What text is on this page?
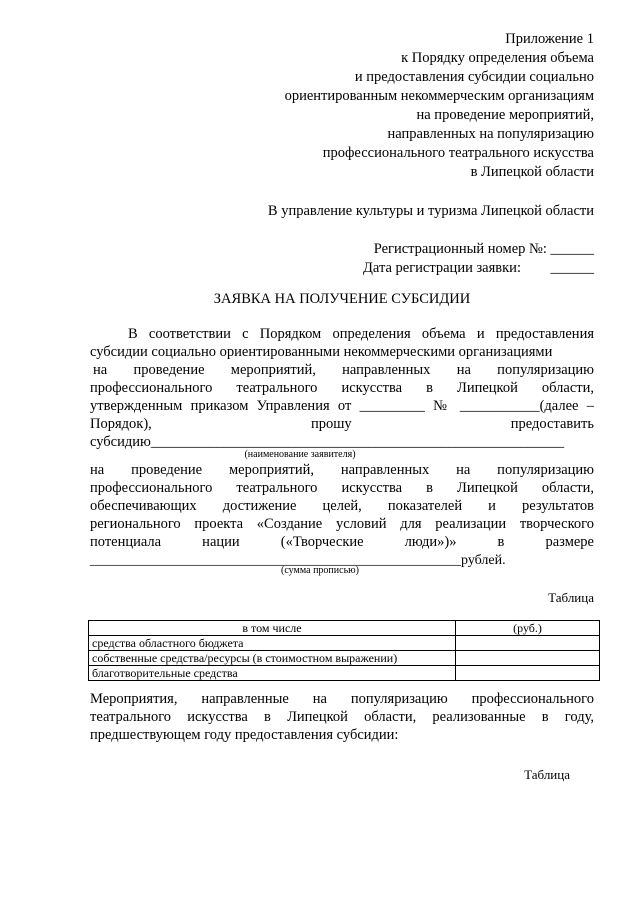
Приложение 1
к Порядку определения объема
и предоставления субсидии социально
ориентированным некоммерческим организациям
на проведение мероприятий,
направленных на популяризацию
профессионального театрального искусства
в Липецкой области
В управление культуры и туризма Липецкой области
Регистрационный номер №: ______
Дата регистрации заявки: ______
ЗАЯВКА НА ПОЛУЧЕНИЕ СУБСИДИИ
В соответствии с Порядком определения объема и предоставления
субсидии социально ориентированными некоммерческими организациями
на проведение мероприятий, направленных на популяризацию
профессионального театрального искусства в Липецкой области,
утвержденным приказом Управления от _________ № ___________(далее –
Порядок), прошу предоставить
субсидию_________________________________________________________
(наименование заявителя)
на проведение мероприятий, направленных на популяризацию
профессионального театрального искусства в Липецкой области,
обеспечивающих достижение целей, показателей и результатов
регионального проекта «Создание условий для реализации творческого
потенциала нации («Творческие люди»)» в размере
_____________________________________________________рублей.
(сумма прописью)
Таблица
в том числе	(руб.)
средства областного бюджета	
собственные средства/ресурсы (в стоимостном выражении)	
благотворительные средства	
Мероприятия, направленные на популяризацию профессионального
театрального искусства в Липецкой области, реализованные в году,
предшествующем году предоставления субсидии:
Таблица
